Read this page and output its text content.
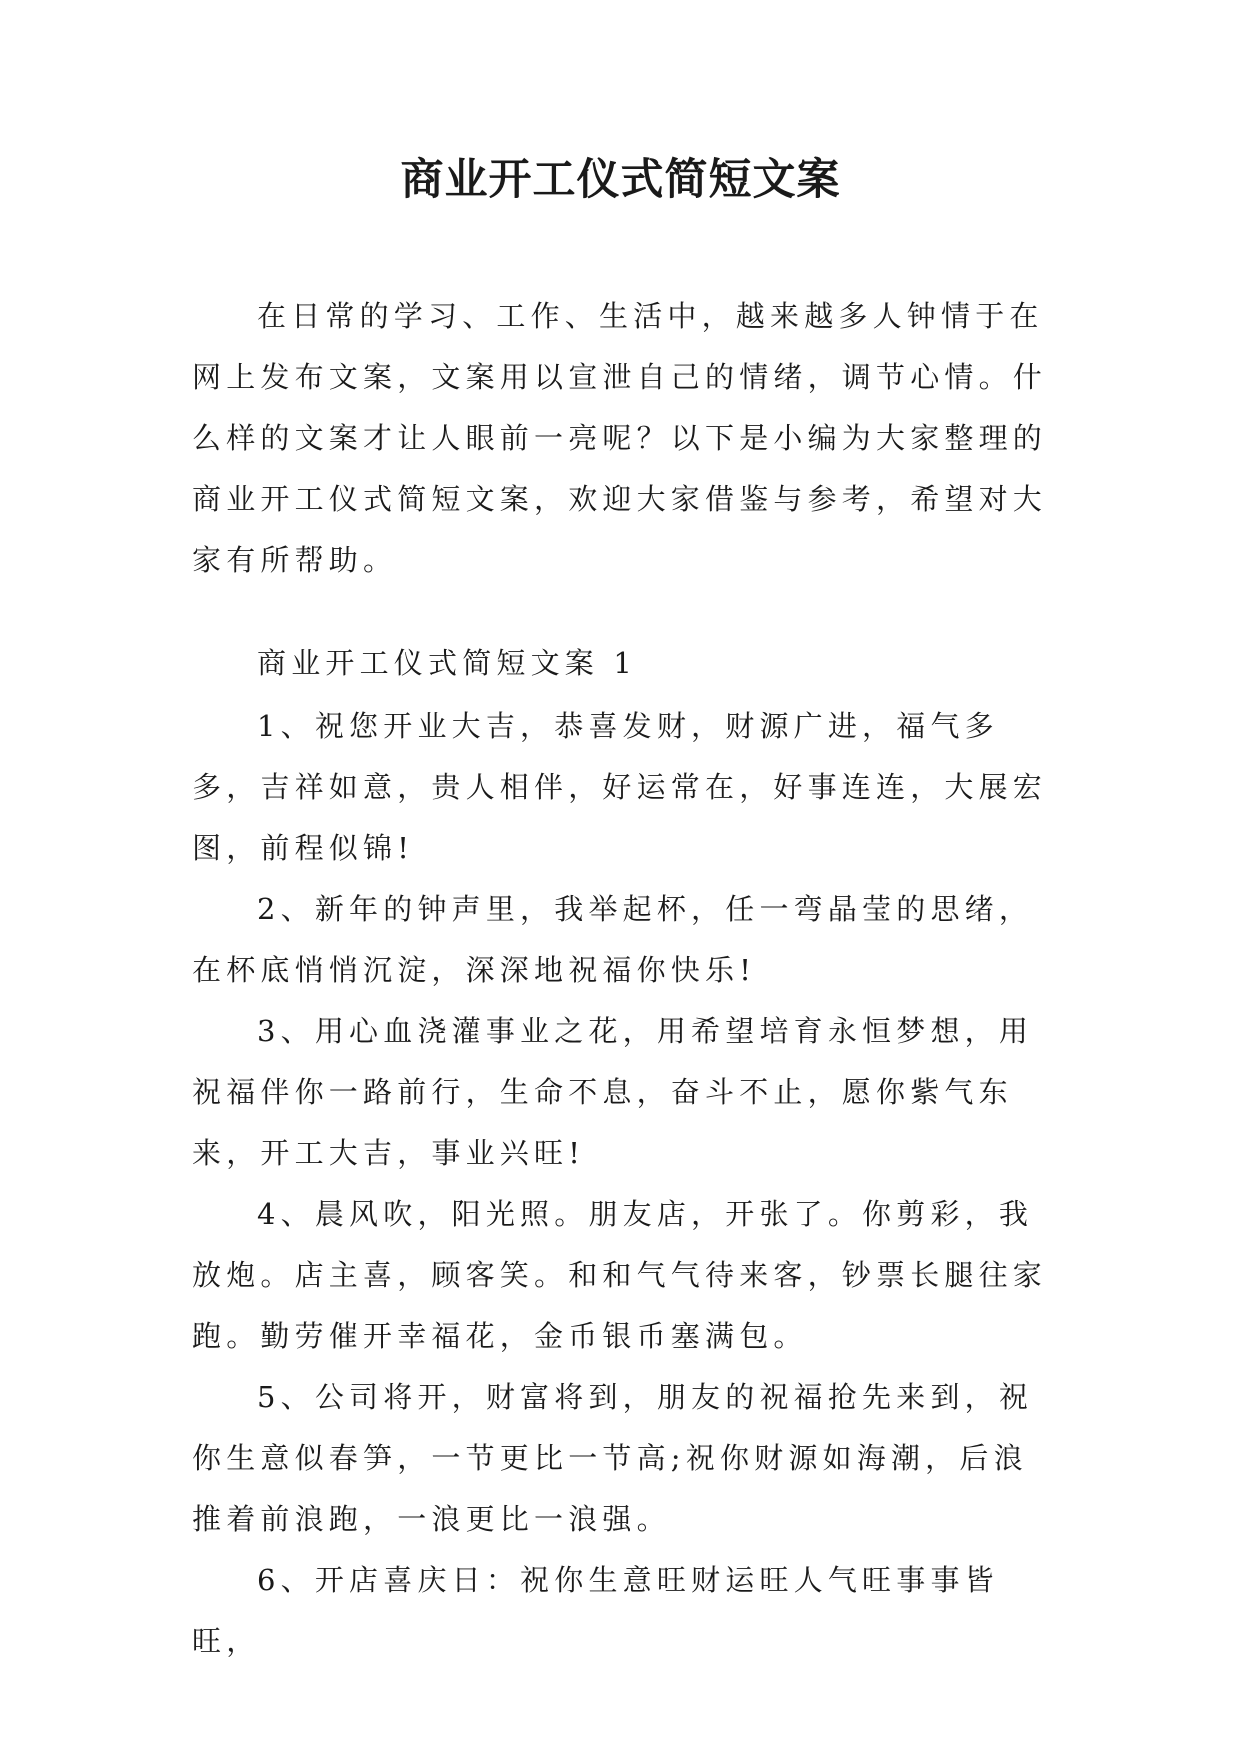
商业开工仪式简短文案

在日常的学习、工作、生活中，越来越多人钟情于在网上发布文案，文案用以宣泄自己的情绪，调节心情。什么样的文案才让人眼前一亮呢？以下是小编为大家整理的商业开工仪式简短文案，欢迎大家借鉴与参考，希望对大家有所帮助。

商业开工仪式简短文案 1
1、祝您开业大吉，恭喜发财，财源广进，福气多多，吉祥如意，贵人相伴，好运常在，好事连连，大展宏图，前程似锦!
2、新年的钟声里，我举起杯，任一弯晶莹的思绪，在杯底悄悄沉淀，深深地祝福你快乐!
3、用心血浇灌事业之花，用希望培育永恒梦想，用祝福伴你一路前行，生命不息，奋斗不止，愿你紫气东来，开工大吉，事业兴旺!
4、晨风吹，阳光照。朋友店，开张了。你剪彩，我放炮。店主喜，顾客笑。和和气气待来客，钞票长腿往家跑。勤劳催开幸福花，金币银币塞满包。
5、公司将开，财富将到，朋友的祝福抢先来到，祝你生意似春笋，一节更比一节高;祝你财源如海潮，后浪推着前浪跑，一浪更比一浪强。
6、开店喜庆日：祝你生意旺财运旺人气旺事事皆旺，
